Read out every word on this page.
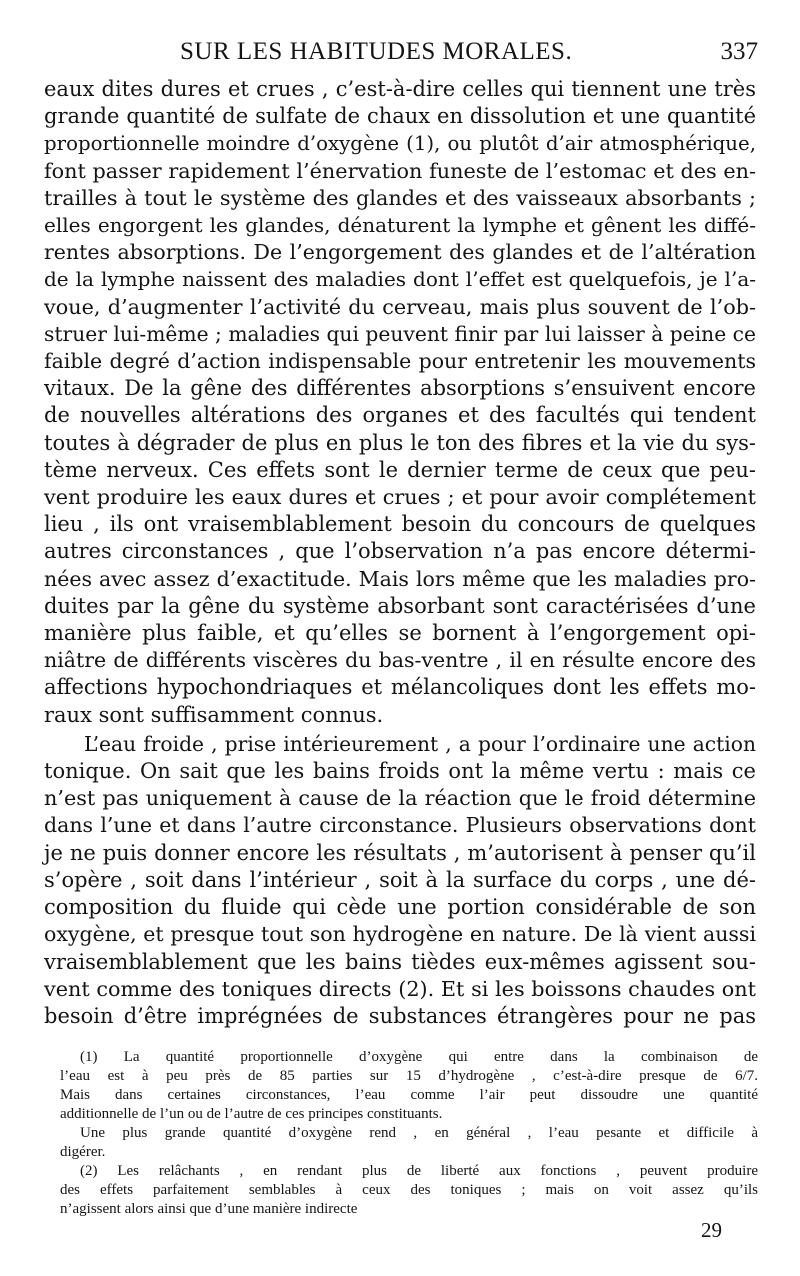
SUR LES HABITUDES MORALES.	337
eaux dites dures et crues , c’est-à-dire celles qui tiennent une très
grande quantité de sulfate de chaux en dissolution et une quantité
proportionnelle moindre d’oxygène (1), ou plutôt d’air atmosphérique,
font passer rapidement l’énervation funeste de l’estomac et des en-
trailles à tout le système des glandes et des vaisseaux absorbants ;
elles engorgent les glandes, dénaturent la lymphe et gênent les diffé-
rentes absorptions. De l’engorgement des glandes et de l’altération
de la lymphe naissent des maladies dont l’effet est quelquefois, je l’a-
voue, d’augmenter l’activité du cerveau, mais plus souvent de l’ob-
struer lui-même ; maladies qui peuvent finir par lui laisser à peine ce
faible degré d’action indispensable pour entretenir les mouvements
vitaux. De la gêne des différentes absorptions s’ensuivent encore
de nouvelles altérations des organes et des facultés qui tendent
toutes à dégrader de plus en plus le ton des fibres et la vie du sys-
tème nerveux. Ces effets sont le dernier terme de ceux que peu-
vent produire les eaux dures et crues ; et pour avoir complétement
lieu , ils ont vraisemblablement besoin du concours de quelques
autres circonstances , que l’observation n’a pas encore détermi-
nées avec assez d’exactitude. Mais lors même que les maladies pro-
duites par la gêne du système absorbant sont caractérisées d’une
manière plus faible, et qu’elles se bornent à l’engorgement opi-
niâtre de différents viscères du bas-ventre , il en résulte encore des
affections hypochondriaques et mélancoliques dont les effets mo-
raux sont suffisamment connus.
L’eau froide , prise intérieurement , a pour l’ordinaire une action
tonique. On sait que les bains froids ont la même vertu : mais ce
n’est pas uniquement à cause de la réaction que le froid détermine
dans l’une et dans l’autre circonstance. Plusieurs observations dont
je ne puis donner encore les résultats , m’autorisent à penser qu’il
s’opère , soit dans l’intérieur , soit à la surface du corps , une dé-
composition du fluide qui cède une portion considérable de son
oxygène, et presque tout son hydrogène en nature. De là vient aussi
vraisemblablement que les bains tièdes eux-mêmes agissent sou-
vent comme des toniques directs (2). Et si les boissons chaudes ont
besoin d’être imprégnées de substances étrangères pour ne pas
(1) La quantité proportionnelle d’oxygène qui entre dans la combinaison de
l’eau est à peu près de 85 parties sur 15 d’hydrogène , c’est-à-dire presque de 6/7.
Mais dans certaines circonstances, l’eau comme l’air peut dissoudre une quantité
additionnelle de l’un ou de l’autre de ces principes constituants.
Une plus grande quantité d’oxygène rend , en général , l’eau pesante et difficile à
digérer.
(2) Les relâchants , en rendant plus de liberté aux fonctions , peuvent produire
des effets parfaitement semblables à ceux des toniques ; mais on voit assez qu’ils
n’agissent alors ainsi que d’une manière indirecte
29
